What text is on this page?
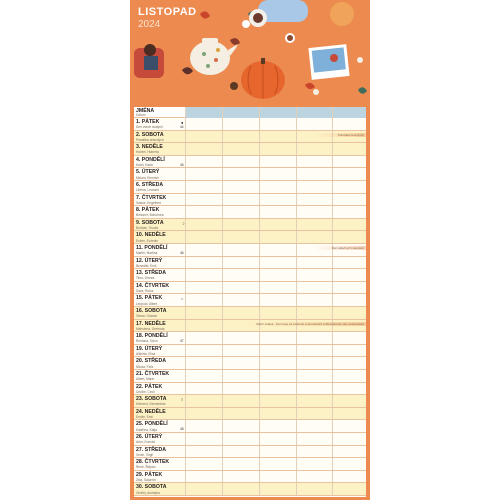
LISTOPAD
2024
JMÉNA
Datum
1. PÁTEK
Den všech svatých	44
●
2. SOBOTA
Památka zesnulých
Památka zesnulých
3. NEDĚLE
Hubert, Huberta
4. PONDĚLÍ
Karel, Karla	45
5. ÚTERÝ
Miriam, Emerich
6. STŘEDA
Liběna, Leonard
7. ČTVRTEK
Saskie, Engelbert
8. PÁTEK
Bohumír, Bohumíra
9. SOBOTA
Bohdan, Teodor
☽
10. NEDĚLE
Evžen, Evženie
11. PONDĚLÍ
Martin, Martina	46
Den válečných veteránů
12. ÚTERÝ
Benedikt, Emil
13. STŘEDA
Tibor, Tereza
14. ČTVRTEK
Sáva, Rufus
15. PÁTEK
Leopold, Albert
○
16. SOBOTA
Otmar, Otomar
17. NEDĚLE
Mahulena, Gertruda
Státní svátek - Den boje za svobodu a demokracii a Mezinárodní den studentstva
18. PONDĚLÍ
Romana, Odon	47
19. ÚTERÝ
Alžběta, Elisa
20. STŘEDA
Nikola, Felix
21. ČTVRTEK
Albert, Marie
22. PÁTEK
Cecílie, Cecil
23. SOBOTA
Klement, Klementina
☾
24. NEDĚLE
Emílie, Emil
25. PONDĚLÍ
Kateřina, Katja	48
26. ÚTERÝ
Artur, Konrád
27. STŘEDA
Xenie, Virgil
28. ČTVRTEK
René, Štěpán
29. PÁTEK
Zina, Saturnin
30. SOBOTA
Ondřej, Andrejka
